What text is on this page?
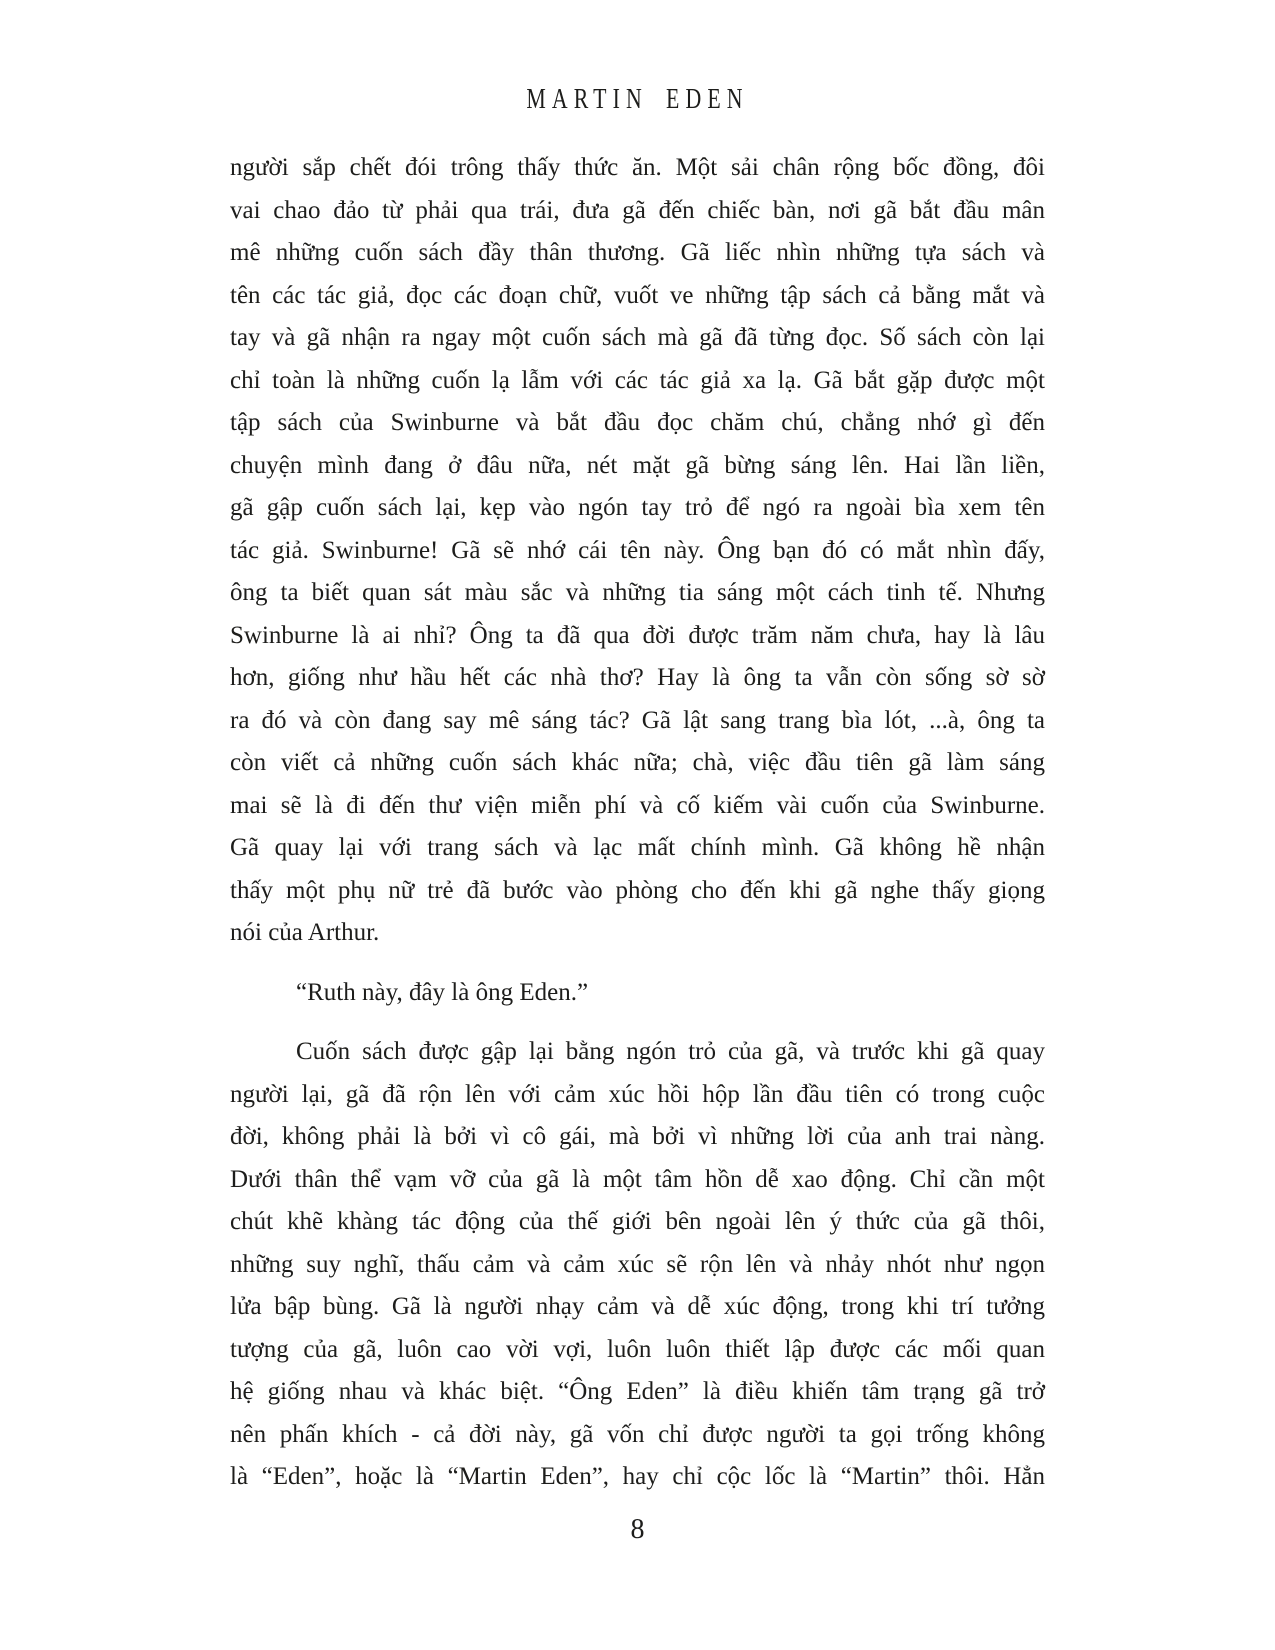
MARTIN EDEN
người sắp chết đói trông thấy thức ăn. Một sải chân rộng bốc đồng, đôi
vai chao đảo từ phải qua trái, đưa gã đến chiếc bàn, nơi gã bắt đầu mân
mê những cuốn sách đầy thân thương. Gã liếc nhìn những tựa sách và
tên các tác giả, đọc các đoạn chữ, vuốt ve những tập sách cả bằng mắt và
tay và gã nhận ra ngay một cuốn sách mà gã đã từng đọc. Số sách còn lại
chỉ toàn là những cuốn lạ lẫm với các tác giả xa lạ. Gã bắt gặp được một
tập sách của Swinburne và bắt đầu đọc chăm chú, chẳng nhớ gì đến
chuyện mình đang ở đâu nữa, nét mặt gã bừng sáng lên. Hai lần liền,
gã gập cuốn sách lại, kẹp vào ngón tay trỏ để ngó ra ngoài bìa xem tên
tác giả. Swinburne! Gã sẽ nhớ cái tên này. Ông bạn đó có mắt nhìn đấy,
ông ta biết quan sát màu sắc và những tia sáng một cách tinh tế. Nhưng
Swinburne là ai nhỉ? Ông ta đã qua đời được trăm năm chưa, hay là lâu
hơn, giống như hầu hết các nhà thơ? Hay là ông ta vẫn còn sống sờ sờ
ra đó và còn đang say mê sáng tác? Gã lật sang trang bìa lót, ...à, ông ta
còn viết cả những cuốn sách khác nữa; chà, việc đầu tiên gã làm sáng
mai sẽ là đi đến thư viện miễn phí và cố kiếm vài cuốn của Swinburne.
Gã quay lại với trang sách và lạc mất chính mình. Gã không hề nhận
thấy một phụ nữ trẻ đã bước vào phòng cho đến khi gã nghe thấy giọng
nói của Arthur.
“Ruth này, đây là ông Eden.”
Cuốn sách được gập lại bằng ngón trỏ của gã, và trước khi gã quay
người lại, gã đã rộn lên với cảm xúc hồi hộp lần đầu tiên có trong cuộc
đời, không phải là bởi vì cô gái, mà bởi vì những lời của anh trai nàng.
Dưới thân thể vạm vỡ của gã là một tâm hồn dễ xao động. Chỉ cần một
chút khẽ khàng tác động của thế giới bên ngoài lên ý thức của gã thôi,
những suy nghĩ, thấu cảm và cảm xúc sẽ rộn lên và nhảy nhót như ngọn
lửa bập bùng. Gã là người nhạy cảm và dễ xúc động, trong khi trí tưởng
tượng của gã, luôn cao vời vợi, luôn luôn thiết lập được các mối quan
hệ giống nhau và khác biệt. “Ông Eden” là điều khiến tâm trạng gã trở
nên phấn khích - cả đời này, gã vốn chỉ được người ta gọi trống không
là “Eden”, hoặc là “Martin Eden”, hay chỉ cộc lốc là “Martin” thôi. Hẳn
8
